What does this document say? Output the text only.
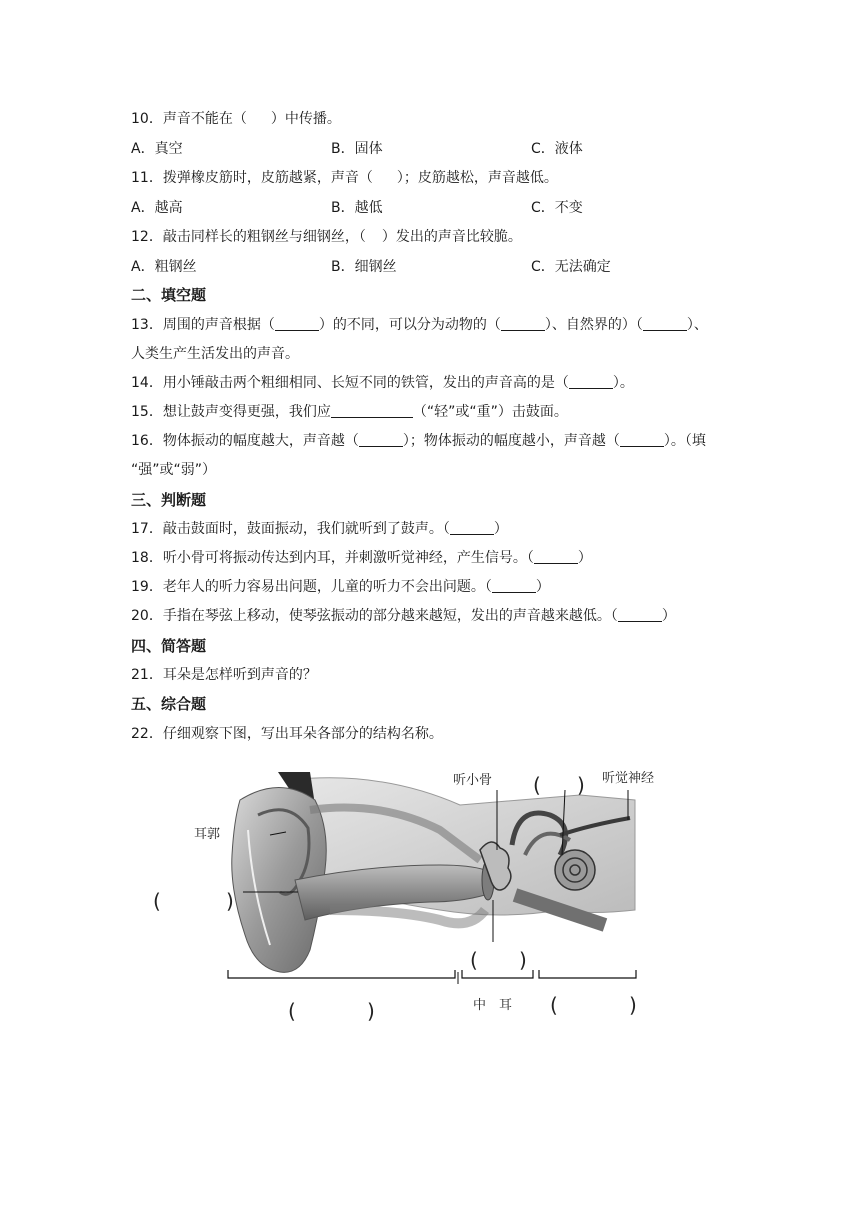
10．声音不能在（ ）中传播。
A．真空	B．固体	C．液体
11．拨弹橡皮筋时，皮筋越紧，声音（ ）；皮筋越松，声音越低。
A．越高	B．越低	C．不变
12．敲击同样长的粗钢丝与细钢丝，（ ）发出的声音比较脆。
A．粗钢丝	B．细钢丝	C．无法确定
二、填空题
13．周围的声音根据（	）的不同，可以分为动物的（	）、自然界的）（	）、
人类生产生活发出的声音。
14．用小锤敲击两个粗细相同、长短不同的铁管，发出的声音高的是（	）。
15．想让鼓声变得更强，我们应	（“轻”或“重”）击鼓面。
16．物体振动的幅度越大，声音越（	）；物体振动的幅度越小，声音越（	）。（填
“强”或“弱”）
三、判断题
17．敲击鼓面时，鼓面振动，我们就听到了鼓声。（	）
18．听小骨可将振动传达到内耳，并刺激听觉神经，产生信号。（	）
19．老年人的听力容易出问题，儿童的听力不会出问题。（	）
20．手指在琴弦上移动，使琴弦振动的部分越来越短，发出的声音越来越低。（	）
四、简答题
21．耳朵是怎样听到声音的？
五、综合题
22．仔细观察下图，写出耳朵各部分的结构名称。
听小骨	听觉神经
耳郭
中　耳
( )
(	)
( )
(	)	(	)
